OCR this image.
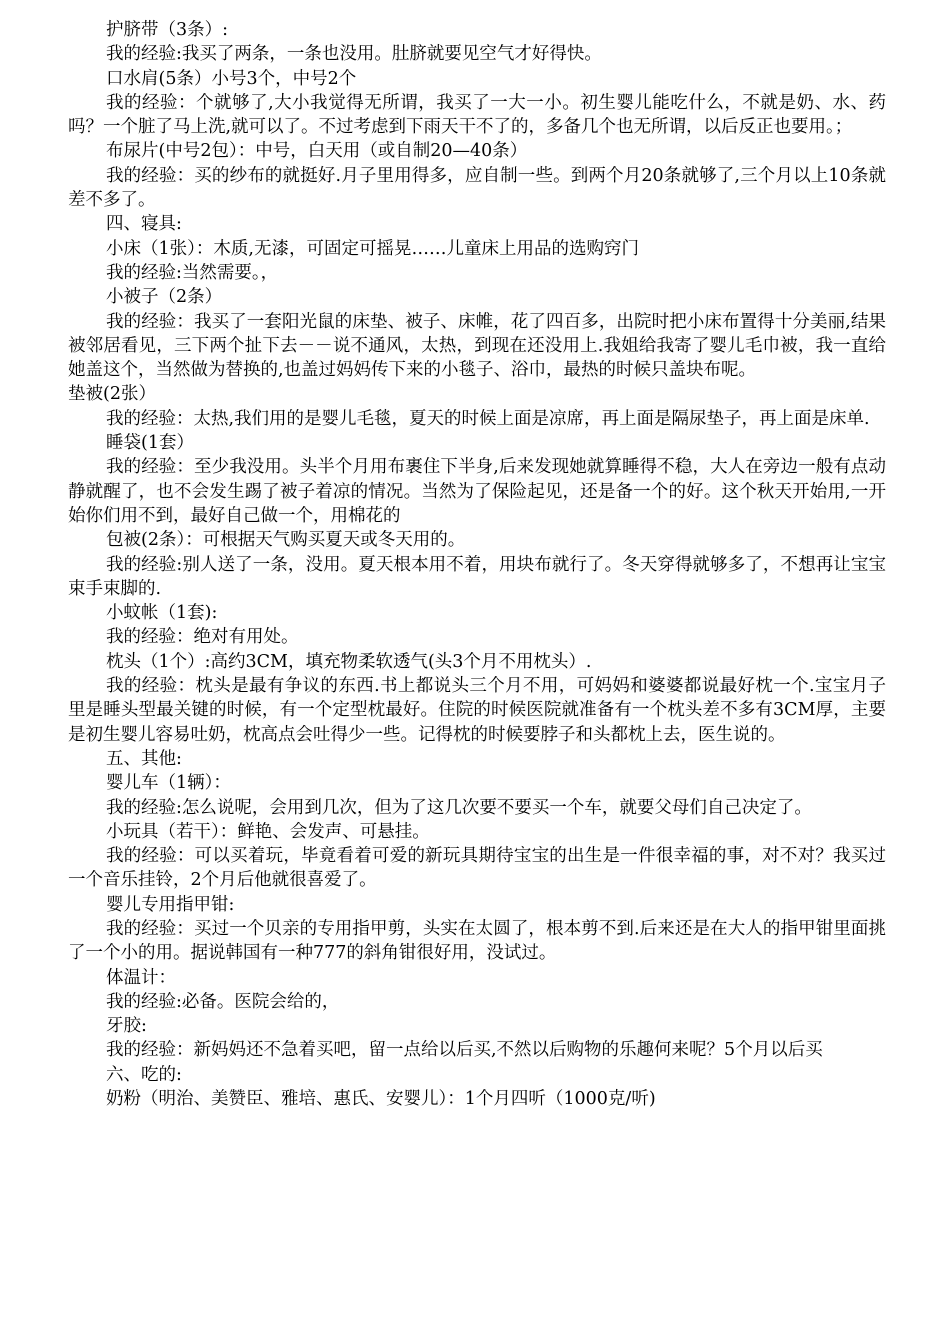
护脐带（3条）:

我的经验:我买了两条，一条也没用。肚脐就要见空气才好得快。

口水肩(5条）小号3个，中号2个

我的经验：个就够了,大小我觉得无所谓，我买了一大一小。初生婴儿能吃什么，不就是奶、水、药吗？一个脏了马上洗,就可以了。不过考虑到下雨天干不了的，多备几个也无所谓，以后反正也要用。；

布尿片(中号2包）：中号，白天用（或自制20—40条）

我的经验：买的纱布的就挺好.月子里用得多，应自制一些。到两个月20条就够了,三个月以上10条就差不多了。

四、寝具:

小床（1张）：木质,无漆，可固定可摇晃……儿童床上用品的选购窍门

我的经验:当然需要。，

小被子（2条）

我的经验：我买了一套阳光鼠的床垫、被子、床帷，花了四百多，出院时把小床布置得十分美丽,结果被邻居看见，三下两个扯下去－－说不通风，太热，到现在还没用上.我姐给我寄了婴儿毛巾被，我一直给她盖这个，当然做为替换的,也盖过妈妈传下来的小毯子、浴巾，最热的时候只盖块布呢。

垫被(2张）

我的经验：太热,我们用的是婴儿毛毯，夏天的时候上面是凉席，再上面是隔尿垫子，再上面是床单.

睡袋(1套）

我的经验：至少我没用。头半个月用布裹住下半身,后来发现她就算睡得不稳，大人在旁边一般有点动静就醒了，也不会发生踢了被子着凉的情况。当然为了保险起见，还是备一个的好。这个秋天开始用,一开始你们用不到，最好自己做一个，用棉花的

包被(2条）：可根据天气购买夏天或冬天用的。

我的经验:别人送了一条，没用。夏天根本用不着，用块布就行了。冬天穿得就够多了，不想再让宝宝束手束脚的.

小蚊帐（1套):

我的经验：绝对有用处。

枕头（1个）:高约3CM，填充物柔软透气(头3个月不用枕头）.

我的经验：枕头是最有争议的东西.书上都说头三个月不用，可妈妈和婆婆都说最好枕一个.宝宝月子里是睡头型最关键的时候，有一个定型枕最好。住院的时候医院就准备有一个枕头差不多有3CM厚，主要是初生婴儿容易吐奶，枕高点会吐得少一些。记得枕的时候要脖子和头都枕上去，医生说的。

五、其他:

婴儿车（1辆）：

我的经验:怎么说呢，会用到几次，但为了这几次要不要买一个车，就要父母们自己决定了。

小玩具（若干）：鲜艳、会发声、可悬挂。

我的经验：可以买着玩，毕竟看着可爱的新玩具期待宝宝的出生是一件很幸福的事，对不对？我买过一个音乐挂铃，2个月后他就很喜爱了。

婴儿专用指甲钳:

我的经验：买过一个贝亲的专用指甲剪，头实在太圆了，根本剪不到.后来还是在大人的指甲钳里面挑了一个小的用。据说韩国有一种777的斜角钳很好用，没试过。

体温计：

我的经验:必备。医院会给的，

牙胶:

我的经验：新妈妈还不急着买吧，留一点给以后买,不然以后购物的乐趣何来呢？5个月以后买

六、吃的:

奶粉（明治、美赞臣、雅培、惠氏、安婴儿）：1个月四听（1000克/听)
